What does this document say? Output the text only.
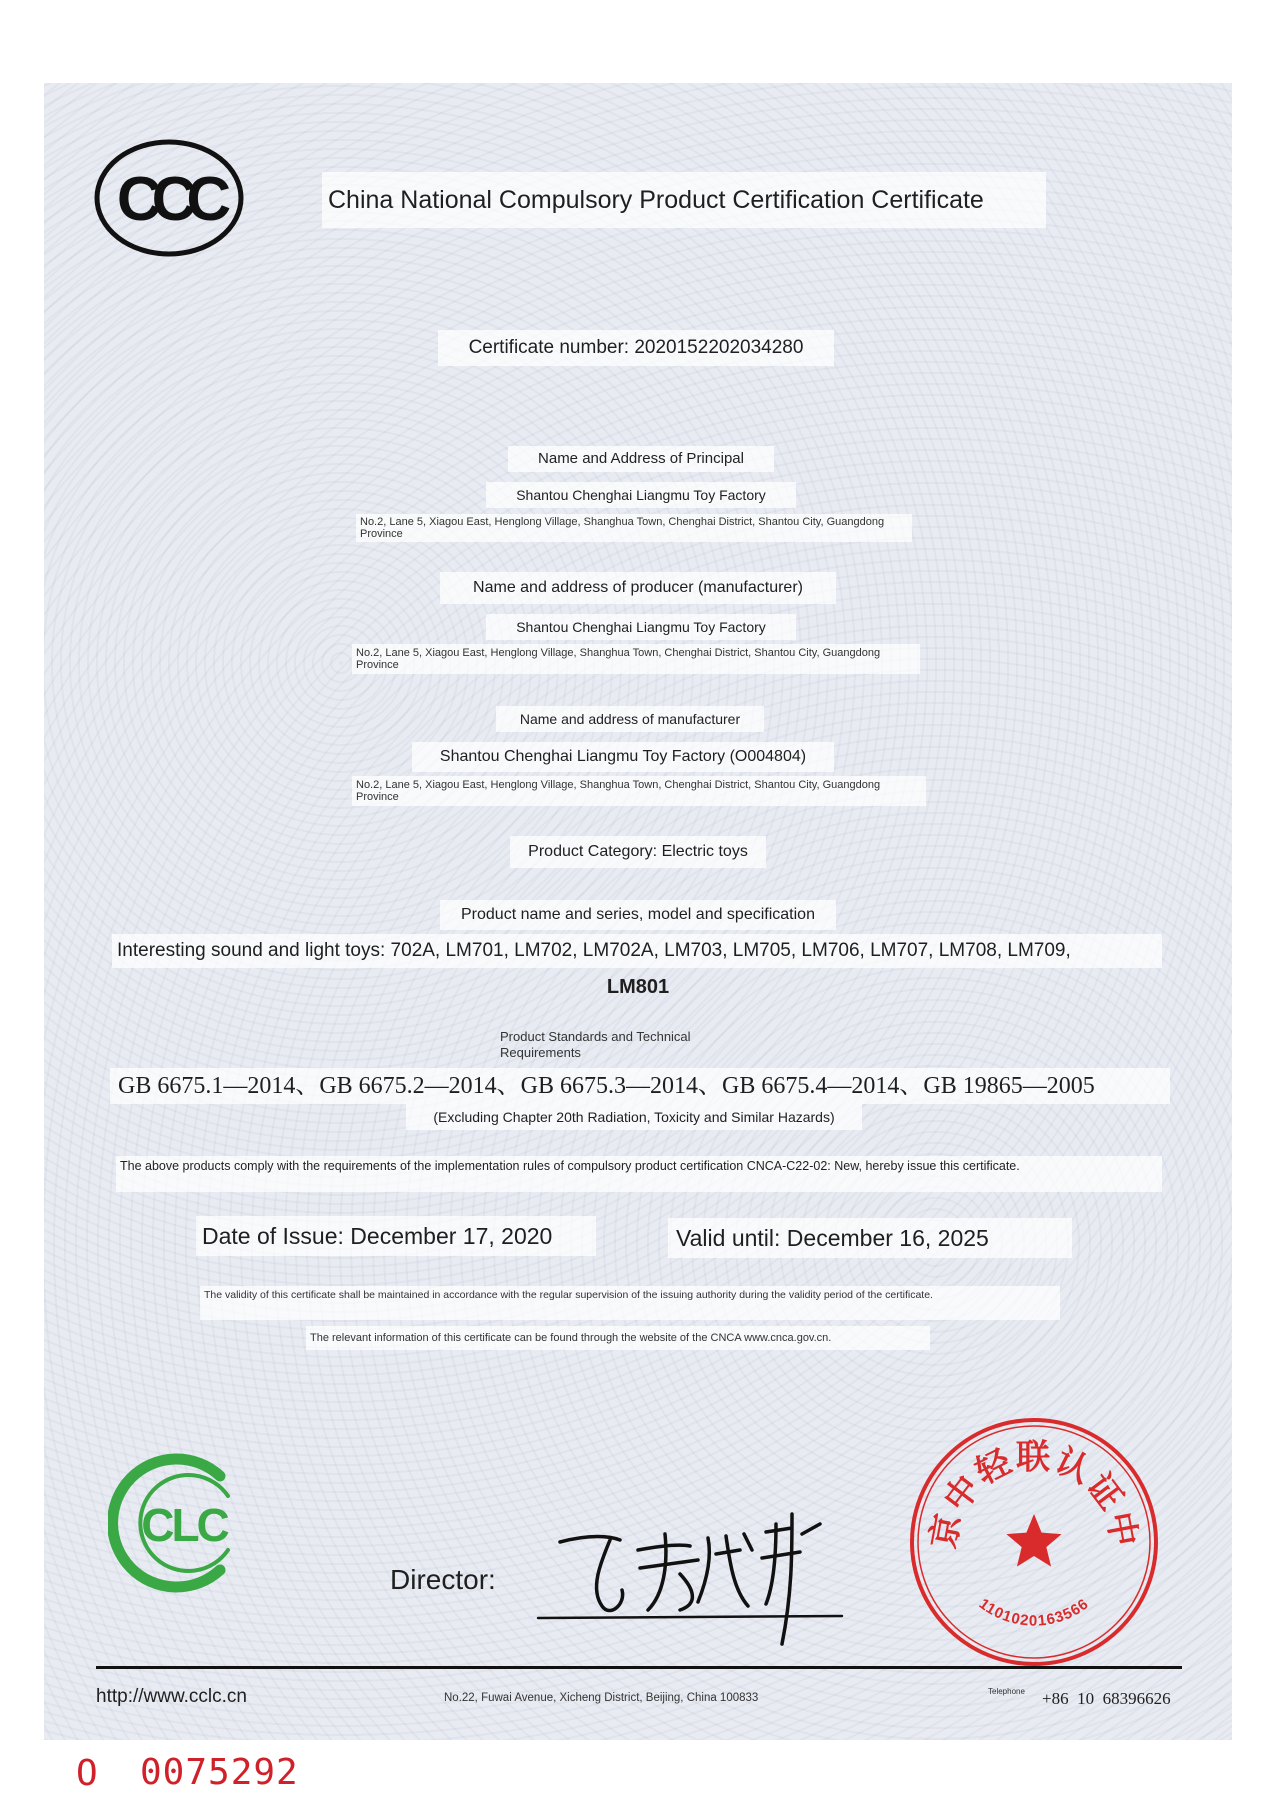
CCC	China National Compulsory Product Certification Certificate
Certificate number: 2020152202034280
Name and Address of Principal
Shantou Chenghai Liangmu Toy Factory
No.2, Lane 5, Xiagou East, Henglong Village, Shanghua Town, Chenghai District, Shantou City, Guangdong Province
Name and address of producer (manufacturer)
Shantou Chenghai Liangmu Toy Factory
No.2, Lane 5, Xiagou East, Henglong Village, Shanghua Town, Chenghai District, Shantou City, Guangdong Province
Name and address of manufacturer
Shantou Chenghai Liangmu Toy Factory (O004804)
No.2, Lane 5, Xiagou East, Henglong Village, Shanghua Town, Chenghai District, Shantou City, Guangdong Province
Product Category: Electric toys
Product name and series, model and specification
Interesting sound and light toys: 702A, LM701, LM702, LM702A, LM703, LM705, LM706, LM707, LM708, LM709,
LM801
Product Standards and Technical Requirements
GB 6675.1—2014、GB 6675.2—2014、GB 6675.3—2014、GB 6675.4—2014、GB 19865—2005
(Excluding Chapter 20th Radiation, Toxicity and Similar Hazards)
The above products comply with the requirements of the implementation rules of compulsory product certification CNCA-C22-02: New, hereby issue this certificate.
Date of Issue: December 17, 2020	Valid until: December 16, 2025
The validity of this certificate shall be maintained in accordance with the regular supervision of the issuing authority during the validity period of the certificate.
The relevant information of this certificate can be found through the website of the CNCA www.cnca.gov.cn.
CLC
Director:
京中轻联认证中
1101020163566
http://www.cclc.cn	No.22, Fuwai Avenue, Xicheng District, Beijing, China 100833
Telephone	+86  10  68396626
O	0075292
